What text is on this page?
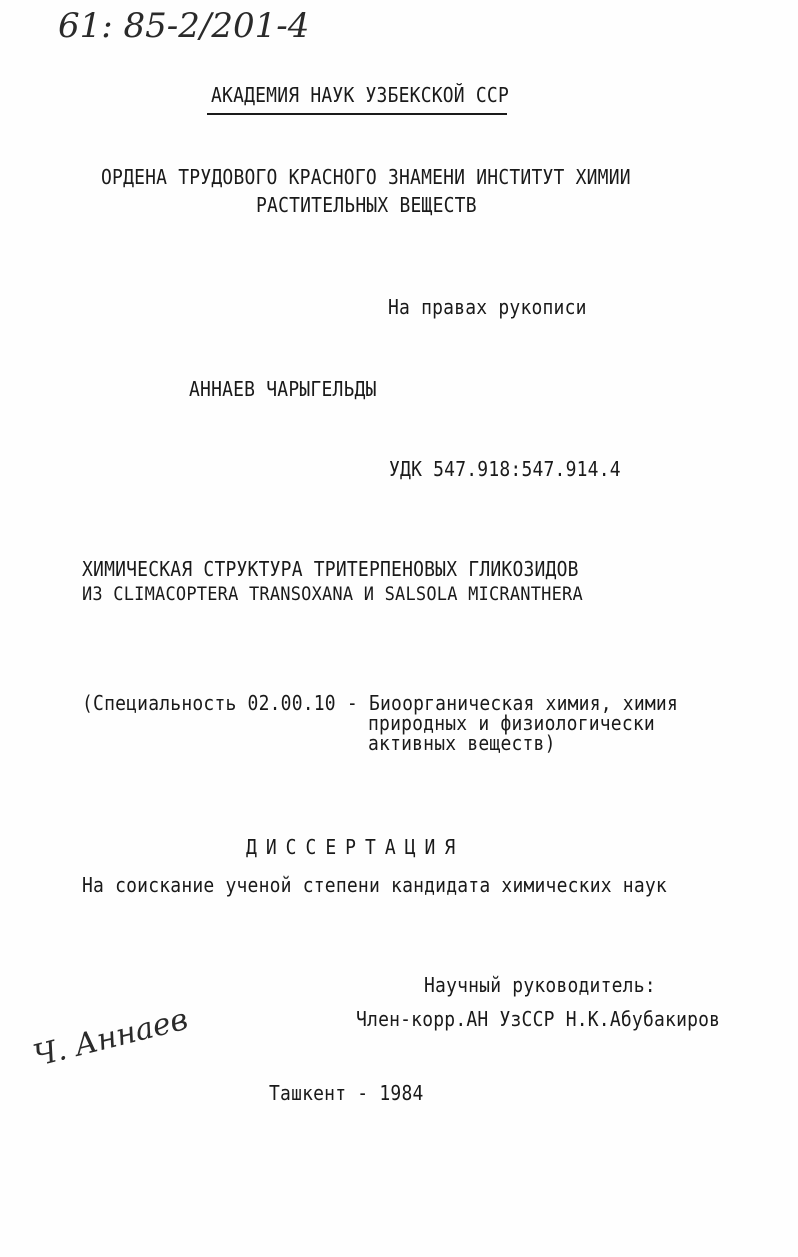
61: 85-2/201-4
АКАДЕМИЯ НАУК УЗБЕКСКОЙ ССР
ОРДЕНА ТРУДОВОГО КРАСНОГО ЗНАМЕНИ ИНСТИТУТ ХИМИИ
РАСТИТЕЛЬНЫХ ВЕЩЕСТВ
На правах рукописи
АННАЕВ ЧАРЫГЕЛЬДЫ
УДК 547.918:547.914.4
ХИМИЧЕСКАЯ СТРУКТУРА ТРИТЕРПЕНОВЫХ ГЛИКОЗИДОВ
ИЗ CLIMACOPTERA TRANSOXANA И SALSOLA MICRANTHERA
(Специальность 02.00.10 - Биоорганическая химия, химия
природных и физиологически
активных веществ)
ДИССЕРТАЦИЯ
На соискание ученой степени кандидата химических наук
Научный руководитель:
Член-корр.АН УзССР Н.К.Абубакиров
Ч. Аннаев
Ташкент - 1984
